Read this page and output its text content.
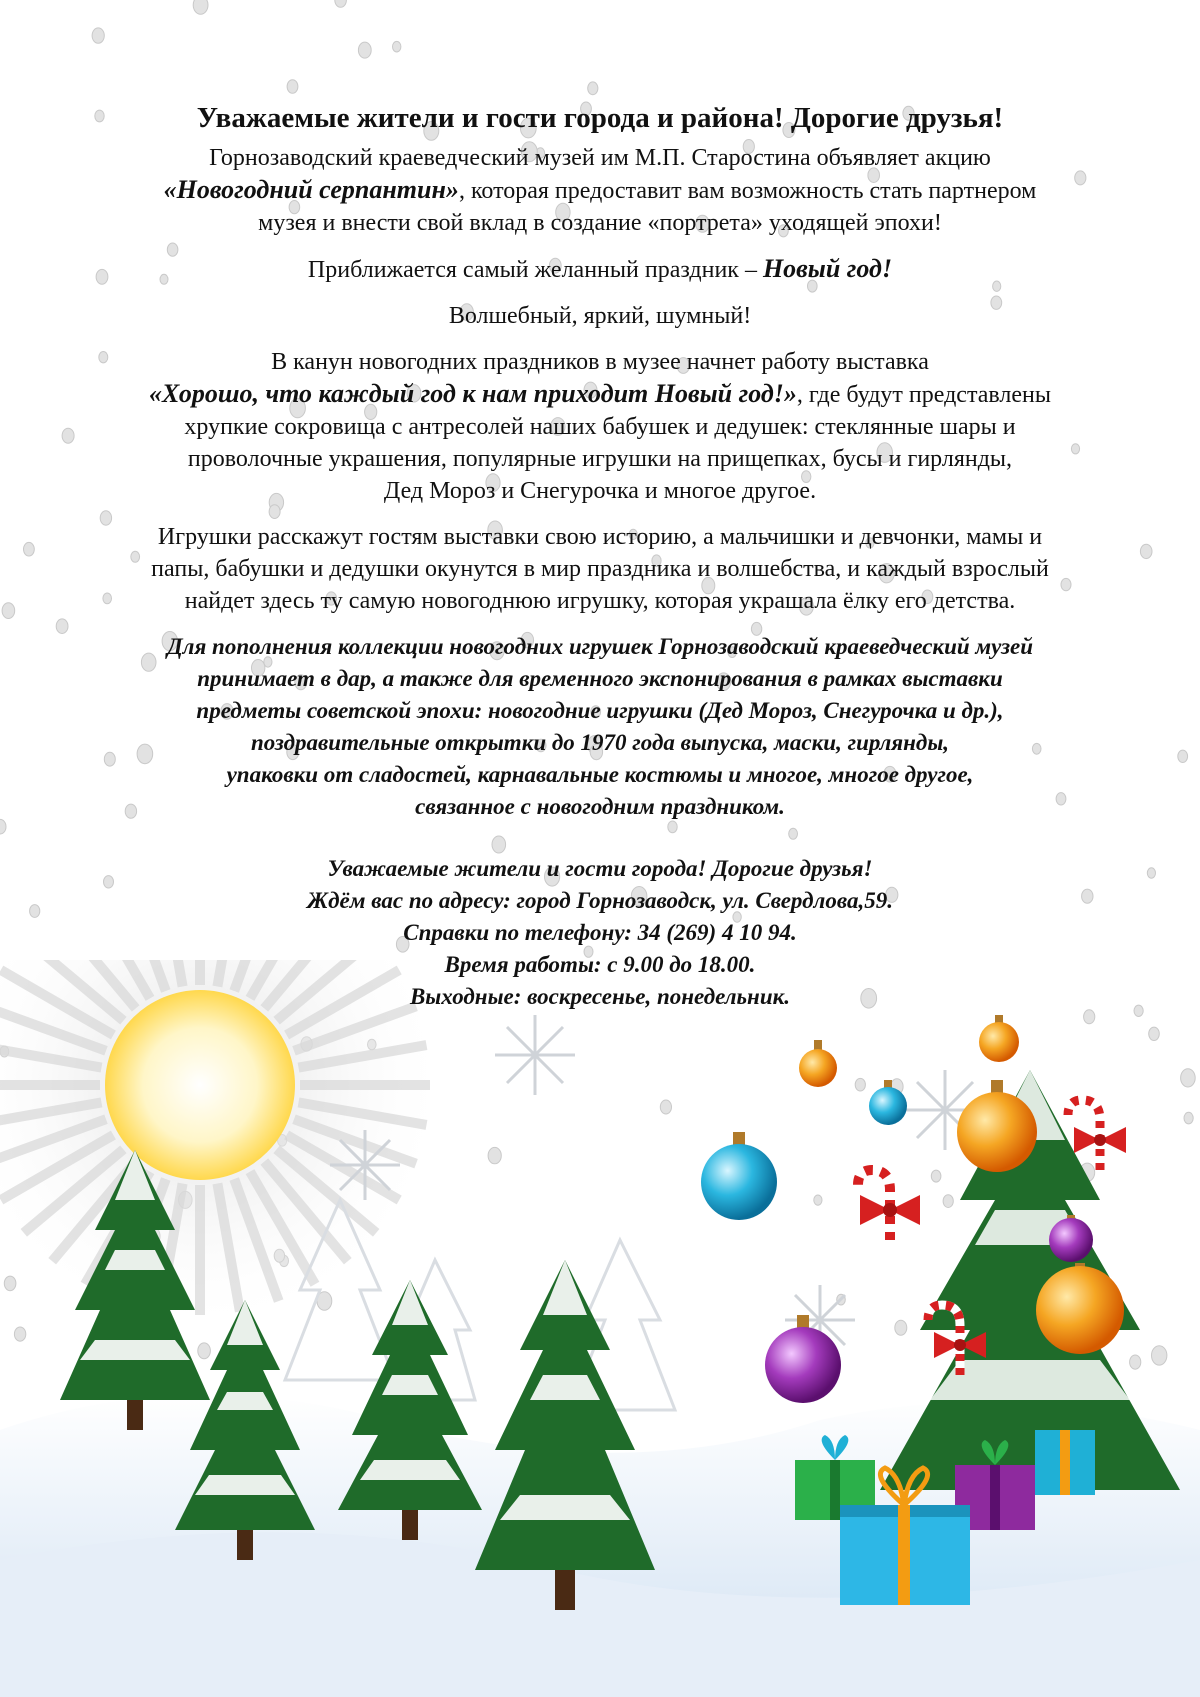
Уважаемые жители и гости города и района! Дорогие друзья!

Горнозаводский краеведческий музей им М.П. Старостина объявляет акцию
«Новогодний серпантин», которая предоставит вам возможность стать партнером
музея и внести свой вклад в создание «портрета» уходящей эпохи!

Приближается самый желанный праздник – Новый год!

Волшебный, яркий, шумный!

В канун новогодних праздников в музее начнет работу выставка
«Хорошо, что каждый год к нам приходит Новый год!», где будут представлены
хрупкие сокровища с антресолей наших бабушек и дедушек: стеклянные шары и
проволочные украшения, популярные игрушки на прищепках, бусы и гирлянды,
Дед Мороз и Снегурочка и многое другое.

Игрушки расскажут гостям выставки свою историю, а мальчишки и девчонки, мамы и
папы, бабушки и дедушки окунутся в мир праздника и волшебства, и каждый взрослый
найдет здесь ту самую новогоднюю игрушку, которая украшала ёлку его детства.

Для пополнения коллекции новогодних игрушек Горнозаводский краеведческий музей
принимает в дар, а также для временного экспонирования в рамках выставки
предметы советской эпохи: новогодние игрушки (Дед Мороз, Снегурочка и др.),
поздравительные открытки до 1970 года выпуска, маски, гирлянды,
упаковки от сладостей, карнавальные костюмы и многое, многое другое,
связанное с новогодним праздником.

Уважаемые жители и гости города! Дорогие друзья!
Ждём вас по адресу: город Горнозаводск, ул. Свердлова,59.
Справки по телефону: 34 (269) 4 10 94.
Время работы: с 9.00 до 18.00.
Выходные: воскресенье, понедельник.
